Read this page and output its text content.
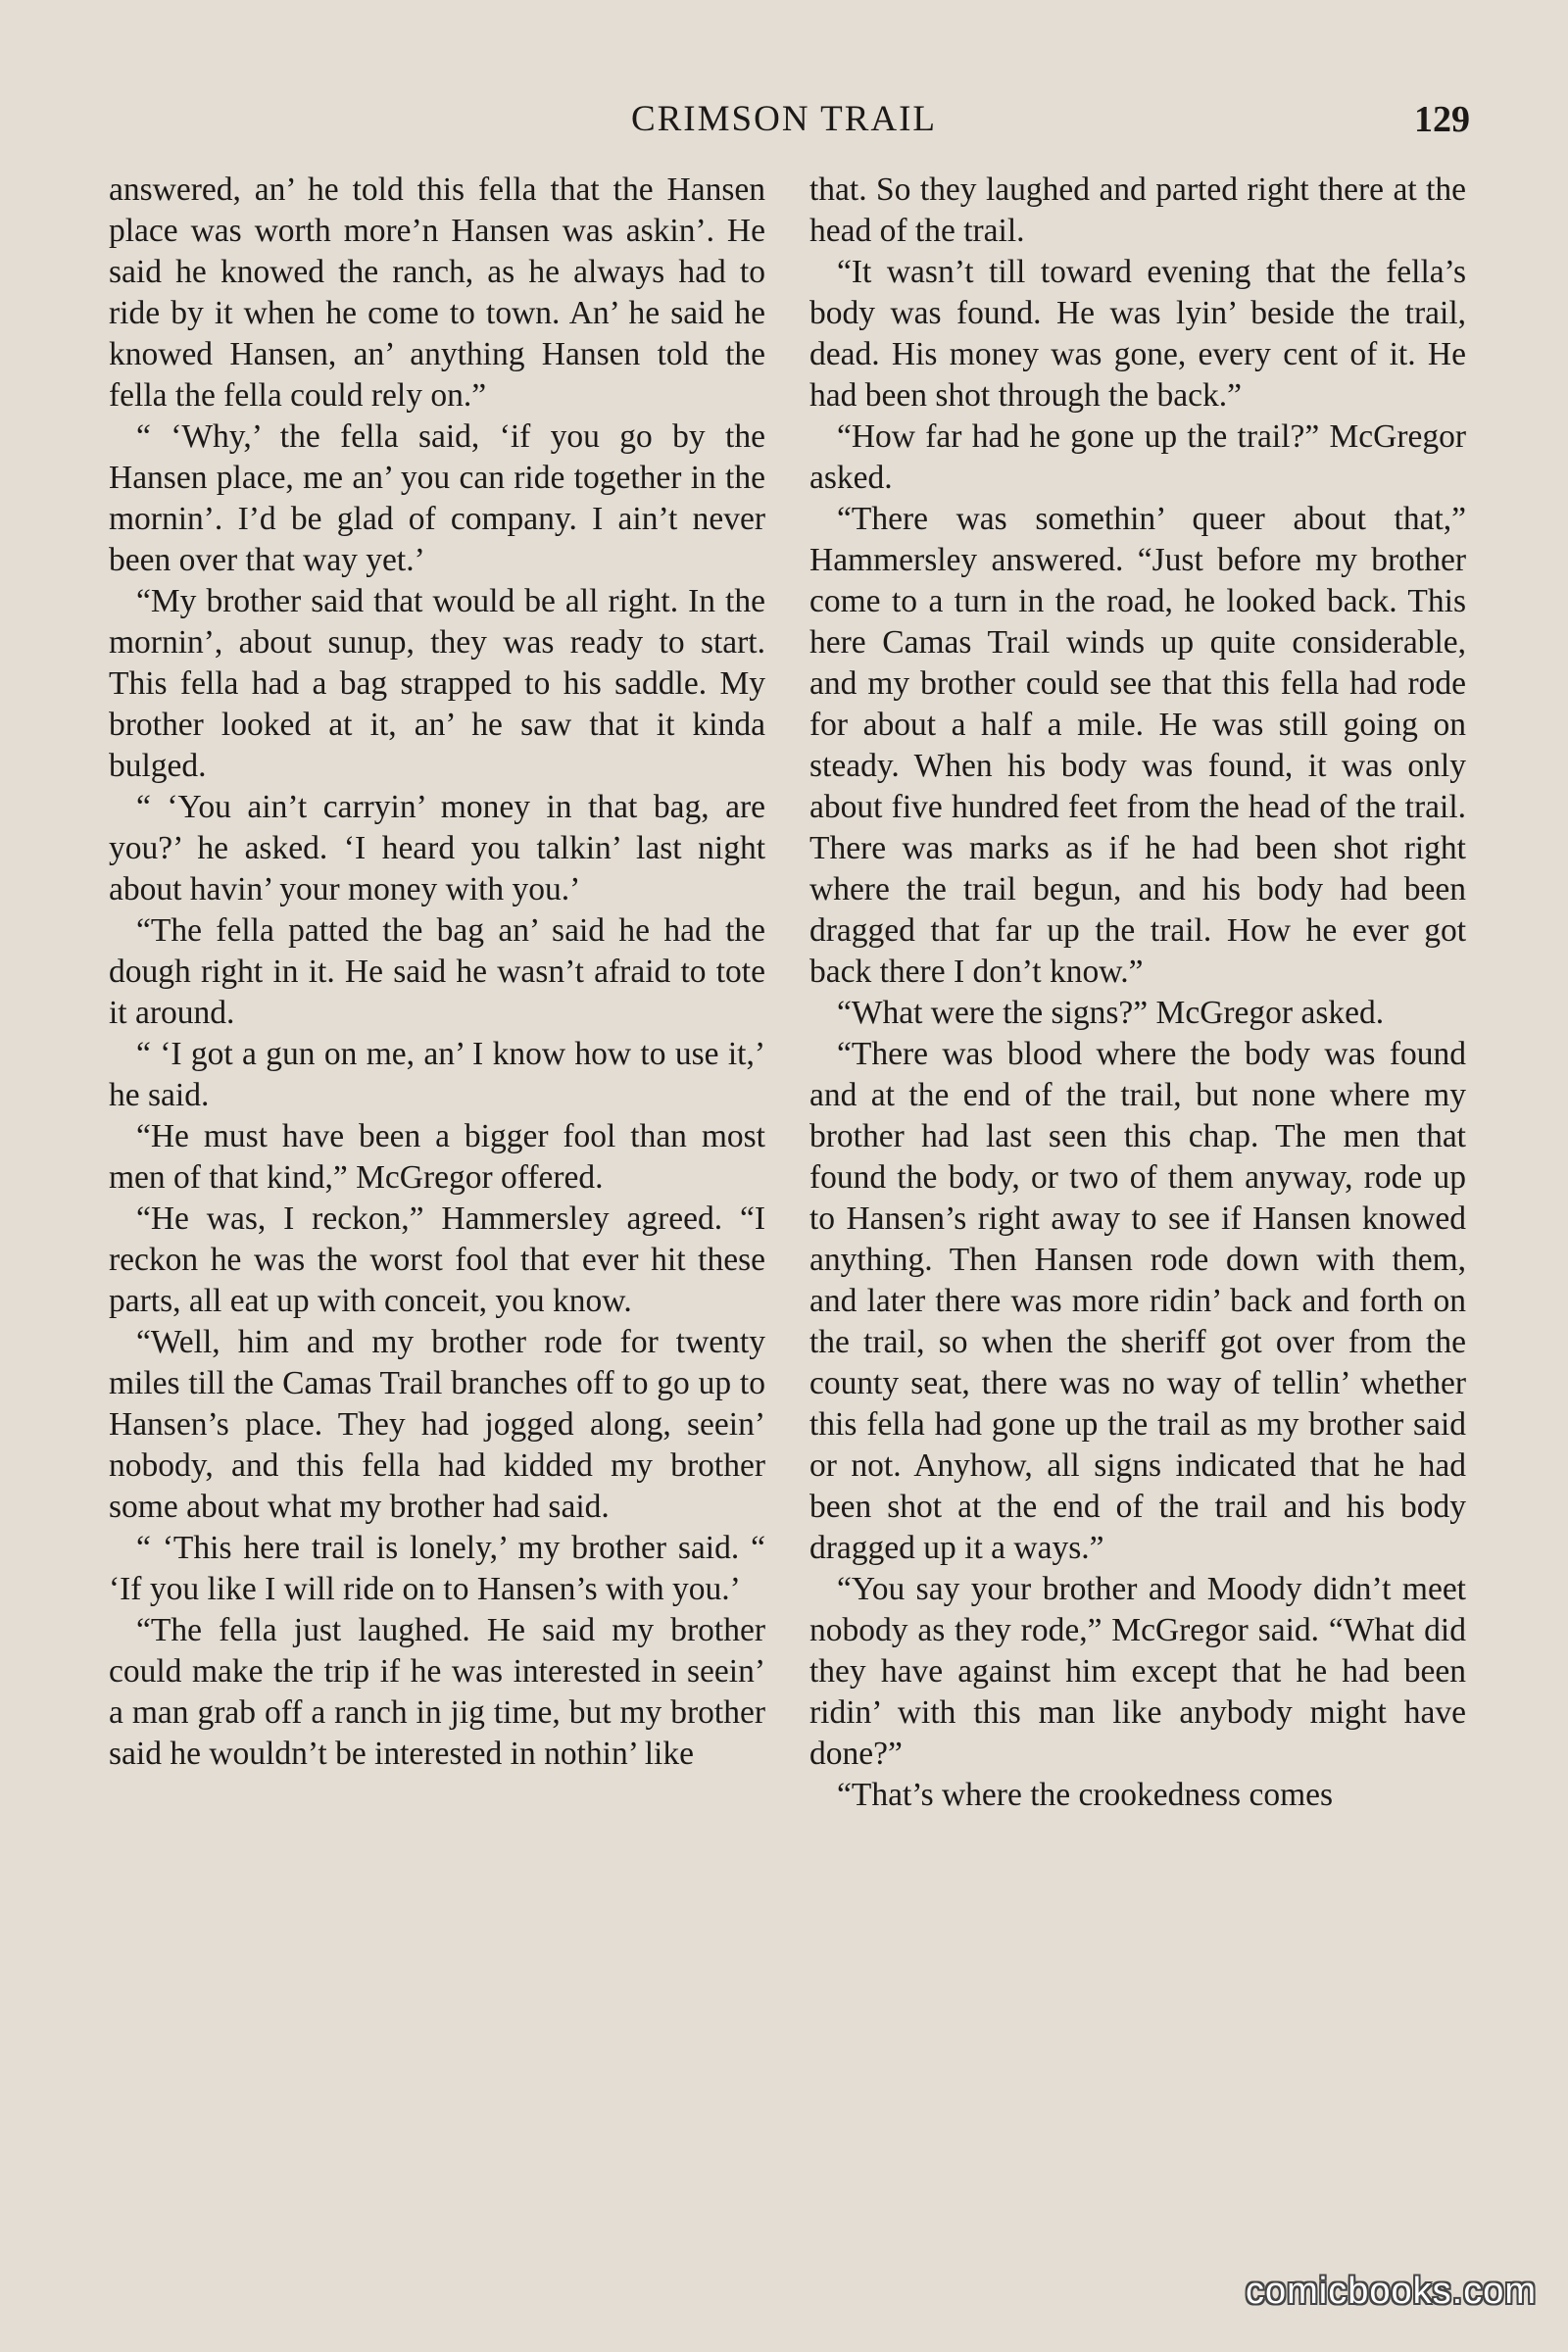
CRIMSON TRAIL	129

answered, an’ he told this fella that the Hansen place was worth more’n Hansen was askin’. He said he knowed the ranch, as he always had to ride by it when he come to town. An’ he said he knowed Hansen, an’ anything Hansen told the fella the fella could rely on.”

“ ‘Why,’ the fella said, ‘if you go by the Hansen place, me an’ you can ride together in the mornin’. I’d be glad of company. I ain’t never been over that way yet.’

“My brother said that would be all right. In the mornin’, about sunup, they was ready to start. This fella had a bag strapped to his saddle. My brother looked at it, an’ he saw that it kinda bulged.

“ ‘You ain’t carryin’ money in that bag, are you?’ he asked. ‘I heard you talkin’ last night about havin’ your money with you.’

“The fella patted the bag an’ said he had the dough right in it. He said he wasn’t afraid to tote it around.

“ ‘I got a gun on me, an’ I know how to use it,’ he said.

“He must have been a bigger fool than most men of that kind,” McGregor offered.

“He was, I reckon,” Hammersley agreed. “I reckon he was the worst fool that ever hit these parts, all eat up with conceit, you know.

“Well, him and my brother rode for twenty miles till the Camas Trail branches off to go up to Hansen’s place. They had jogged along, seein’ nobody, and this fella had kidded my brother some about what my brother had said.

“ ‘This here trail is lonely,’ my brother said. “ ‘If you like I will ride on to Hansen’s with you.’

“The fella just laughed. He said my brother could make the trip if he was interested in seein’ a man grab off a ranch in jig time, but my brother said he wouldn’t be interested in nothin’ like

that. So they laughed and parted right there at the head of the trail.

“It wasn’t till toward evening that the fella’s body was found. He was lyin’ beside the trail, dead. His money was gone, every cent of it. He had been shot through the back.”

“How far had he gone up the trail?” McGregor asked.

“There was somethin’ queer about that,” Hammersley answered. “Just before my brother come to a turn in the road, he looked back. This here Camas Trail winds up quite considerable, and my brother could see that this fella had rode for about a half a mile. He was still going on steady. When his body was found, it was only about five hundred feet from the head of the trail. There was marks as if he had been shot right where the trail begun, and his body had been dragged that far up the trail. How he ever got back there I don’t know.”

“What were the signs?” McGregor asked.

“There was blood where the body was found and at the end of the trail, but none where my brother had last seen this chap. The men that found the body, or two of them anyway, rode up to Hansen’s right away to see if Hansen knowed anything. Then Hansen rode down with them, and later there was more ridin’ back and forth on the trail, so when the sheriff got over from the county seat, there was no way of tellin’ whether this fella had gone up the trail as my brother said or not. Anyhow, all signs indicated that he had been shot at the end of the trail and his body dragged up it a ways.”

“You say your brother and Moody didn’t meet nobody as they rode,” McGregor said. “What did they have against him except that he had been ridin’ with this man like anybody might have done?”

“That’s where the crookedness comes

comicbooks.com
